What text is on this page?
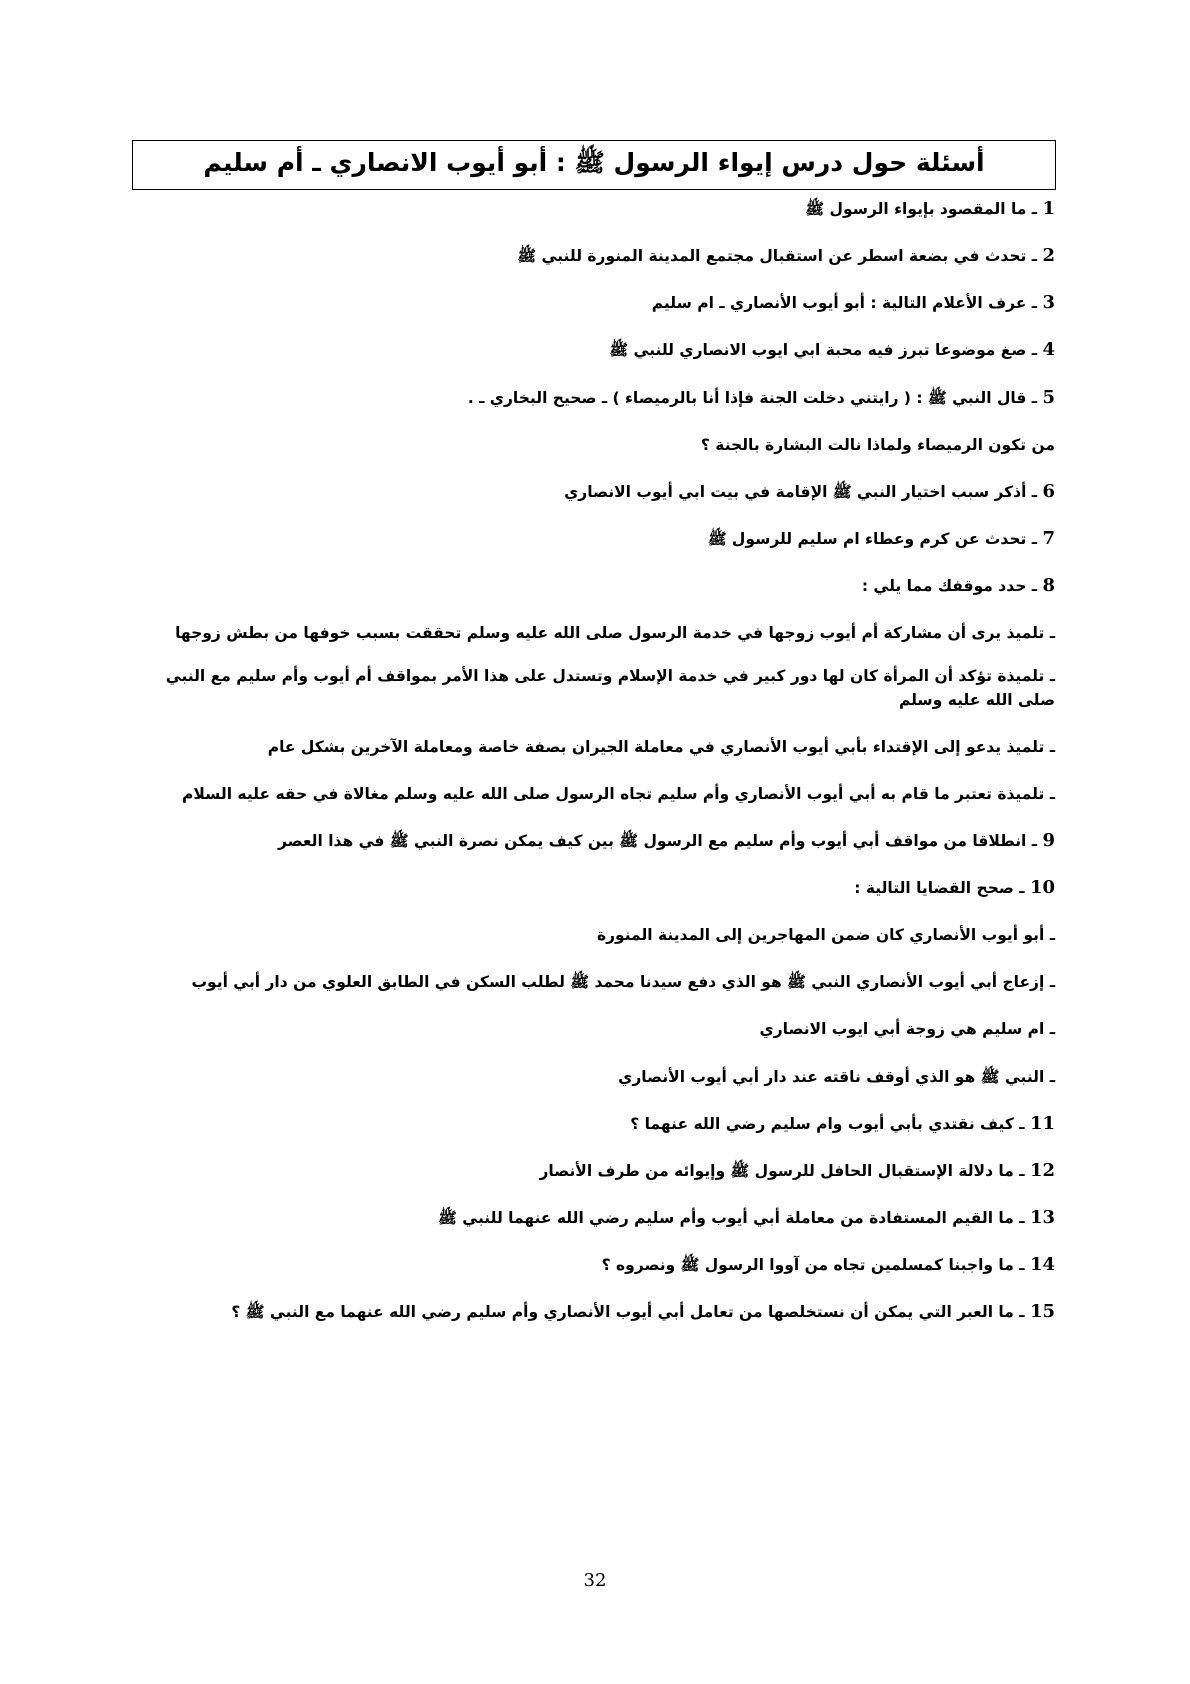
أسئلة حول درس إيواء الرسول ﷺ : أبو أيوب الانصاري ـ أم سليم
1 ـ ما المقصود بإيواء الرسول ﷺ
2 ـ تحدث في بضعة اسطر عن استقبال مجتمع المدينة المنورة للنبي ﷺ
3 ـ عرف الأعلام التالية : أبو أيوب الأنصاري ـ ام سليم
4 ـ صغ موضوعا تبرز فيه محبة ابي ايوب الانصاري للنبي ﷺ
5 ـ قال النبي ﷺ : ( رايتني دخلت الجنة فإذا أنا بالرميصاء ) ـ صحيح البخاري ـ .
من تكون الرميصاء ولماذا نالت البشارة بالجنة ؟
6 ـ أذكر سبب اختيار النبي ﷺ الإقامة في بيت ابي أيوب الانصاري
7 ـ تحدث عن كرم وعطاء ام سليم للرسول ﷺ
8 ـ حدد موقفك مما يلي :
ـ تلميذ يرى أن مشاركة أم أيوب زوجها في خدمة الرسول صلى الله عليه وسلم تحققت بسبب خوفها من بطش زوجها
ـ تلميذة تؤكد أن المرأة كان لها دور كبير في خدمة الإسلام وتستدل على هذا الأمر بمواقف أم أيوب وأم سليم مع النبي صلى الله عليه وسلم
ـ تلميذ يدعو إلى الإقتداء بأبي أيوب الأنصاري في معاملة الجيران بصفة خاصة ومعاملة الآخرين بشكل عام
ـ تلميذة تعتبر ما قام به أبي أيوب الأنصاري وأم سليم تجاه الرسول صلى الله عليه وسلم مغالاة في حقه عليه السلام
9 ـ انطلاقا من مواقف أبي أيوب وأم سليم مع الرسول ﷺ بين كيف يمكن نصرة النبي ﷺ في هذا العصر
10 ـ صحح القضايا التالية :
ـ أبو أيوب الأنصاري كان ضمن المهاجرين إلى المدينة المنورة
ـ إزعاج أبي أيوب الأنصاري النبي ﷺ هو الذي دفع سيدنا محمد ﷺ لطلب السكن في الطابق العلوي من دار أبي أيوب
ـ ام سليم هي زوجة أبي ايوب الانصاري
ـ النبي ﷺ هو الذي أوقف ناقته عند دار أبي أيوب الأنصاري
11 ـ كيف نقتدي بأبي أيوب وام سليم رضي الله عنهما ؟
12 ـ ما دلالة الإستقبال الحافل للرسول ﷺ وإيوائه من طرف الأنصار
13 ـ ما القيم المستفادة من معاملة أبي أيوب وأم سليم رضي الله عنهما للنبي ﷺ
14 ـ ما واجبنا كمسلمين تجاه من آووا الرسول ﷺ ونصروه ؟
15 ـ ما العبر التي يمكن أن نستخلصها من تعامل أبي أيوب الأنصاري وأم سليم رضي الله عنهما مع النبي ﷺ ؟
32
